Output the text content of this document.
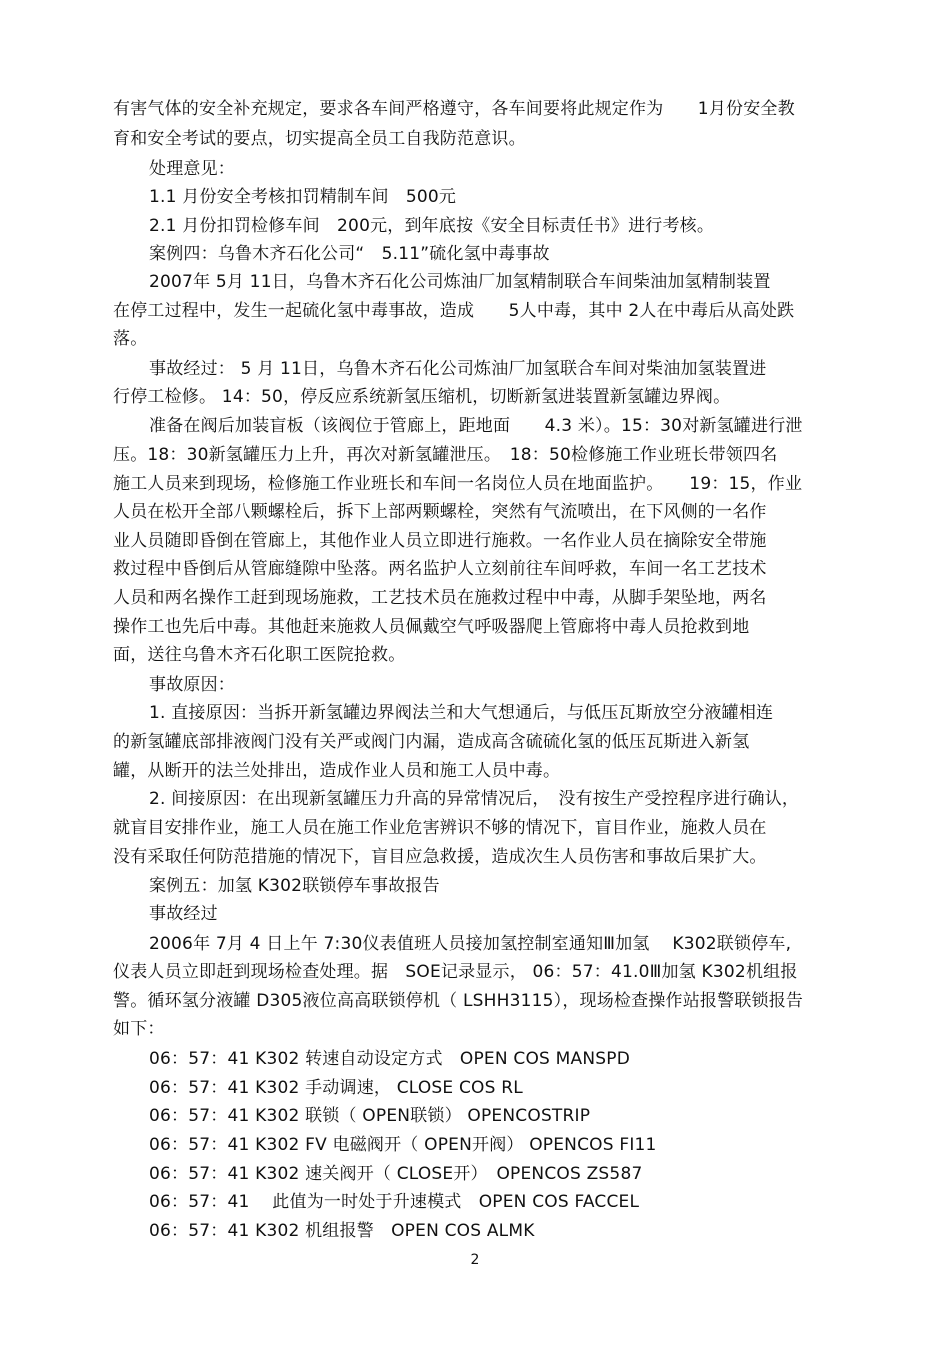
有害气体的安全补充规定，要求各车间严格遵守，各车间要将此规定作为　　1月份安全教

育和安全考试的要点，切实提高全员工自我防范意识。

处理意见：

1.1 月份安全考核扣罚精制车间　500元

2.1 月份扣罚检修车间　200元，到年底按《安全目标责任书》进行考核。

案例四：乌鲁木齐石化公司“　5.11”硫化氢中毒事故

2007年 5月 11日，乌鲁木齐石化公司炼油厂加氢精制联合车间柴油加氢精制装置

在停工过程中，发生一起硫化氢中毒事故，造成　　5人中毒，其中 2人在中毒后从高处跌

落。

事故经过： 5 月 11日，乌鲁木齐石化公司炼油厂加氢联合车间对柴油加氢装置进

行停工检修。 14：50，停反应系统新氢压缩机，切断新氢进装置新氢罐边界阀。

准备在阀后加装盲板（该阀位于管廊上，距地面　　4.3 米）。15：30对新氢罐进行泄

压。18：30新氢罐压力上升，再次对新氢罐泄压。　18：50检修施工作业班长带领四名

施工人员来到现场，检修施工作业班长和车间一名岗位人员在地面监护。　　19：15，作业

人员在松开全部八颗螺栓后，拆下上部两颗螺栓，突然有气流喷出，在下风侧的一名作

业人员随即昏倒在管廊上，其他作业人员立即进行施救。一名作业人员在摘除安全带施

救过程中昏倒后从管廊缝隙中坠落。两名监护人立刻前往车间呼救，车间一名工艺技术

人员和两名操作工赶到现场施救，工艺技术员在施救过程中中毒，从脚手架坠地，两名

操作工也先后中毒。其他赶来施救人员佩戴空气呼吸器爬上管廊将中毒人员抢救到地

面，送往乌鲁木齐石化职工医院抢救。

事故原因：

1. 直接原因：当拆开新氢罐边界阀法兰和大气想通后，与低压瓦斯放空分液罐相连

的新氢罐底部排液阀门没有关严或阀门内漏，造成高含硫硫化氢的低压瓦斯进入新氢

罐，从断开的法兰处排出，造成作业人员和施工人员中毒。

2. 间接原因：在出现新氢罐压力升高的异常情况后，　没有按生产受控程序进行确认，

就盲目安排作业，施工人员在施工作业危害辨识不够的情况下，盲目作业，施救人员在

没有采取任何防范措施的情况下，盲目应急救援，造成次生人员伤害和事故后果扩大。

案例五：加氢 K302联锁停车事故报告

事故经过

2006年 7月 4 日上午 7:30仪表值班人员接加氢控制室通知Ⅲ加氢　 K302联锁停车,

仪表人员立即赶到现场检查处理。据　SOE记录显示， 06：57：41.0Ⅲ加氢 K302机组报

警。循环氢分液罐 D305液位高高联锁停机（ LSHH3115），现场检查操作站报警联锁报告

如下：

06：57：41 K302 转速自动设定方式　OPEN COS MANSPD

06：57：41 K302 手动调速， CLOSE COS RL

06：57：41 K302 联锁（ OPEN联锁） OPENCOSTRIP

06：57：41 K302 FV 电磁阀开（ OPEN开阀） OPENCOS FI11

06：57：41 K302 速关阀开（ CLOSE开）　OPENCOS ZS587

06：57：41　 此值为一时处于升速模式　OPEN COS FACCEL

06：57：41 K302 机组报警　OPEN COS ALMK

2
